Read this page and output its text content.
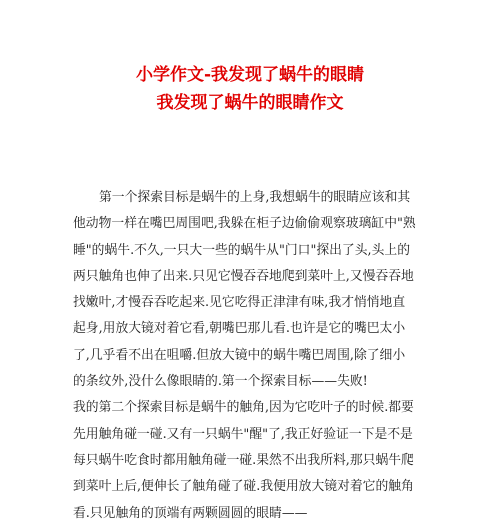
小学作文-我发现了蜗牛的眼睛
我发现了蜗牛的眼睛作文
第一个探索目标是蜗牛的上身,我想蜗牛的眼睛应该和其
他动物一样在嘴巴周围吧,我躲在柜子边偷偷观察玻璃缸中"熟
睡"的蜗牛.不久,一只大一些的蜗牛从"门口"探出了头,头上的
两只触角也伸了出来.只见它慢吞吞地爬到菜叶上,又慢吞吞地
找嫩叶,才慢吞吞吃起来.见它吃得正津津有味,我才悄悄地直
起身,用放大镜对着它看,朝嘴巴那儿看.也许是它的嘴巴太小
了,几乎看不出在咀嚼.但放大镜中的蜗牛嘴巴周围,除了细小
的条纹外,没什么像眼睛的.第一个探索目标——失败!
我的第二个探索目标是蜗牛的触角,因为它吃叶子的时候.都要
先用触角碰一碰.又有一只蜗牛"醒"了,我正好验证一下是不是
每只蜗牛吃食时都用触角碰一碰.果然不出我所料,那只蜗牛爬
到菜叶上后,便伸长了触角碰了碰.我便用放大镜对着它的触角
看.只见触角的顶端有两颗圆圆的眼睛——
